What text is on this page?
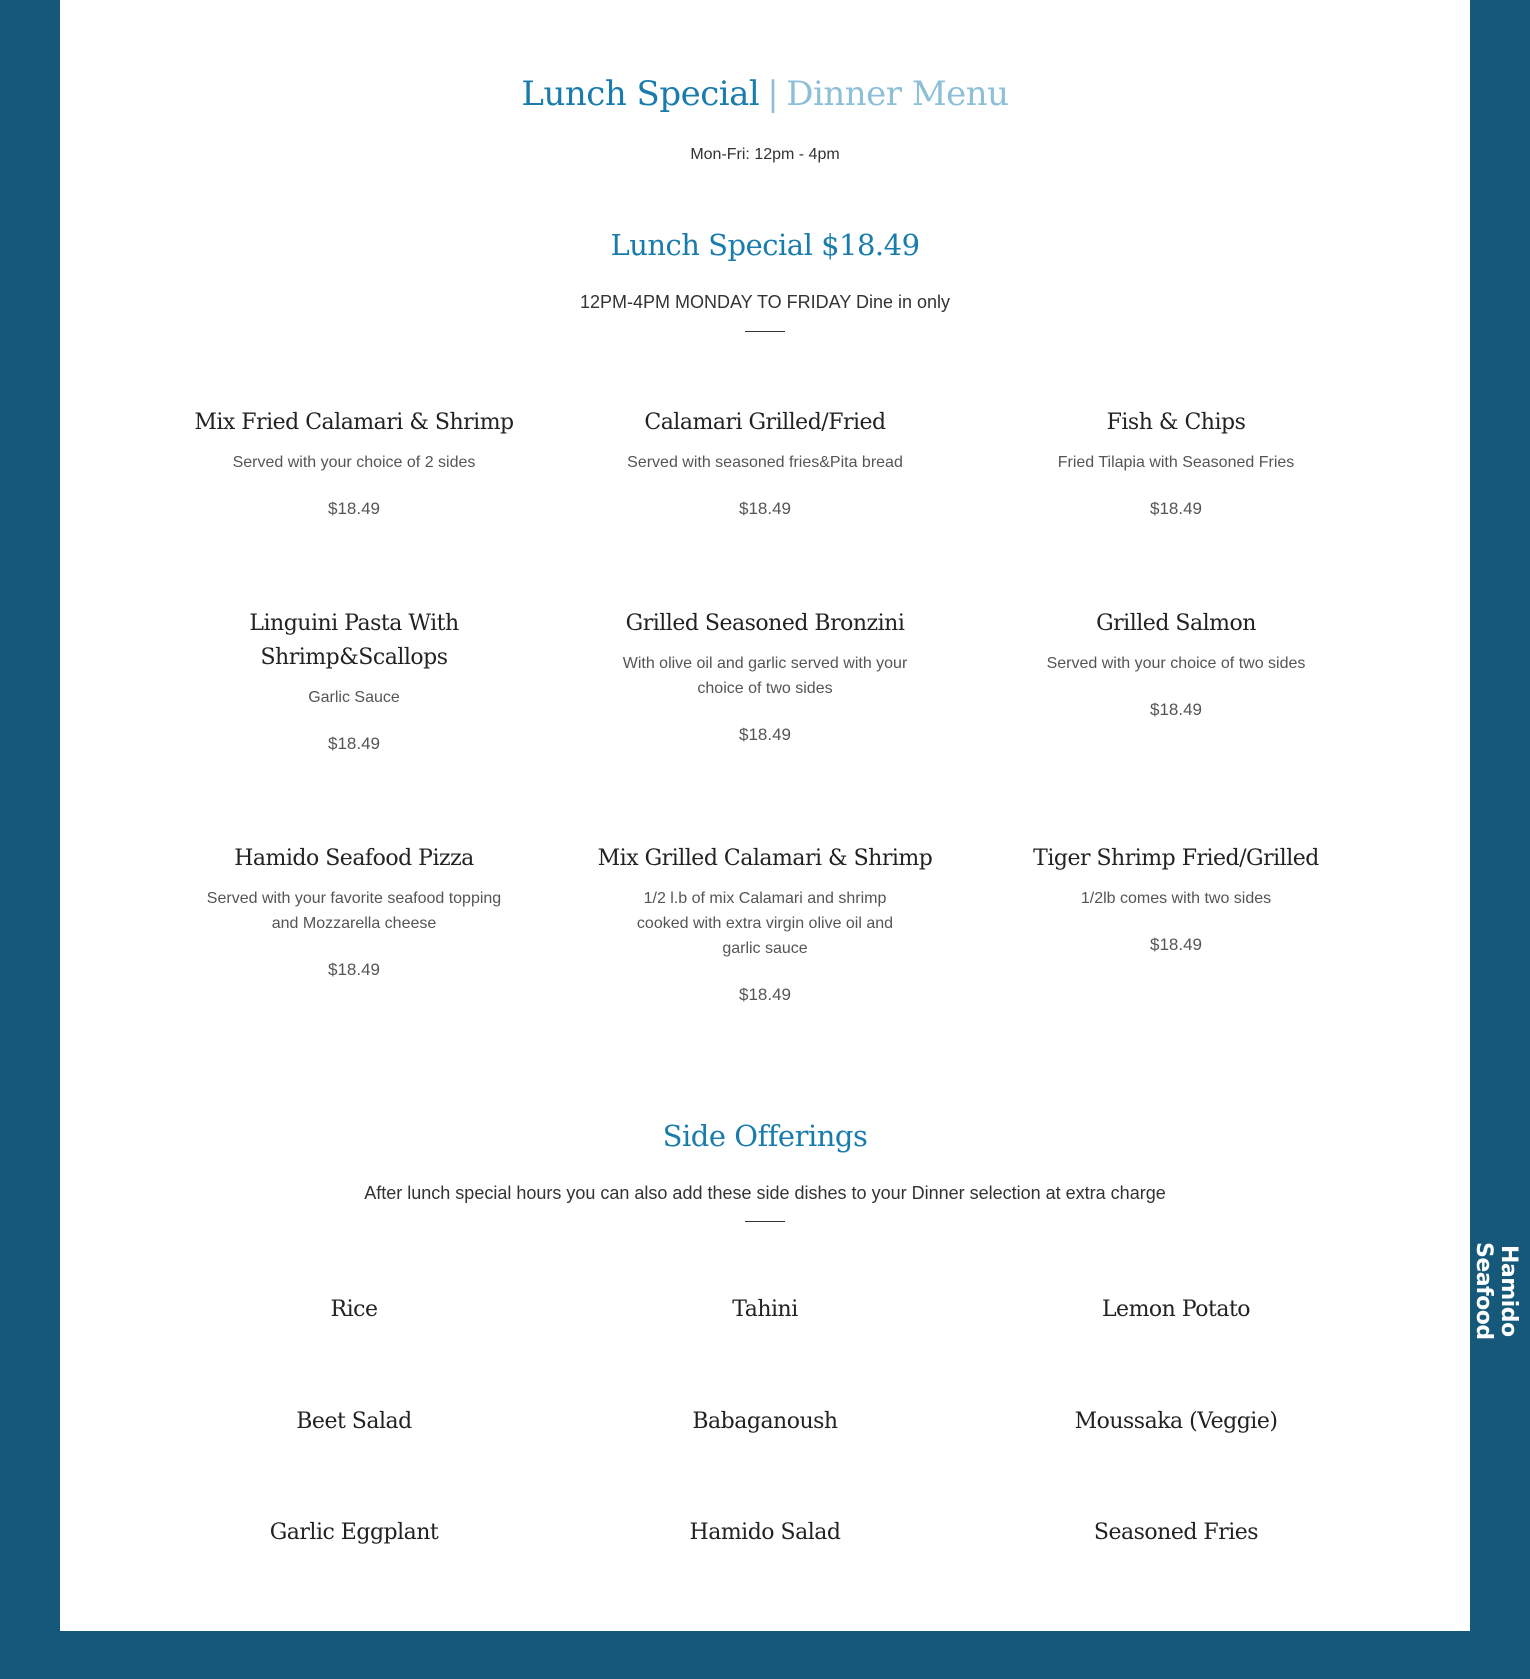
Lunch Special | Dinner Menu
Mon-Fri: 12pm - 4pm
Lunch Special $18.49
12PM-4PM MONDAY TO FRIDAY Dine in only
Mix Fried Calamari & Shrimp
Served with your choice of 2 sides
$18.49
Calamari Grilled/Fried
Served with seasoned fries&Pita bread
$18.49
Fish & Chips
Fried Tilapia with Seasoned Fries
$18.49
Linguini Pasta With Shrimp&Scallops
Garlic Sauce
$18.49
Grilled Seasoned Bronzini
With olive oil and garlic served with your choice of two sides
$18.49
Grilled Salmon
Served with your choice of two sides
$18.49
Hamido Seafood Pizza
Served with your favorite seafood topping and Mozzarella cheese
$18.49
Mix Grilled Calamari & Shrimp
1/2 l.b of mix Calamari and shrimp cooked with extra virgin olive oil and garlic sauce
$18.49
Tiger Shrimp Fried/Grilled
1/2lb comes with two sides
$18.49
Side Offerings
After lunch special hours you can also add these side dishes to your Dinner selection at extra charge
Rice	Tahini	Lemon Potato
Beet Salad	Babaganoush	Moussaka (Veggie)
Garlic Eggplant	Hamido Salad	Seasoned Fries
Hamido Seafood
